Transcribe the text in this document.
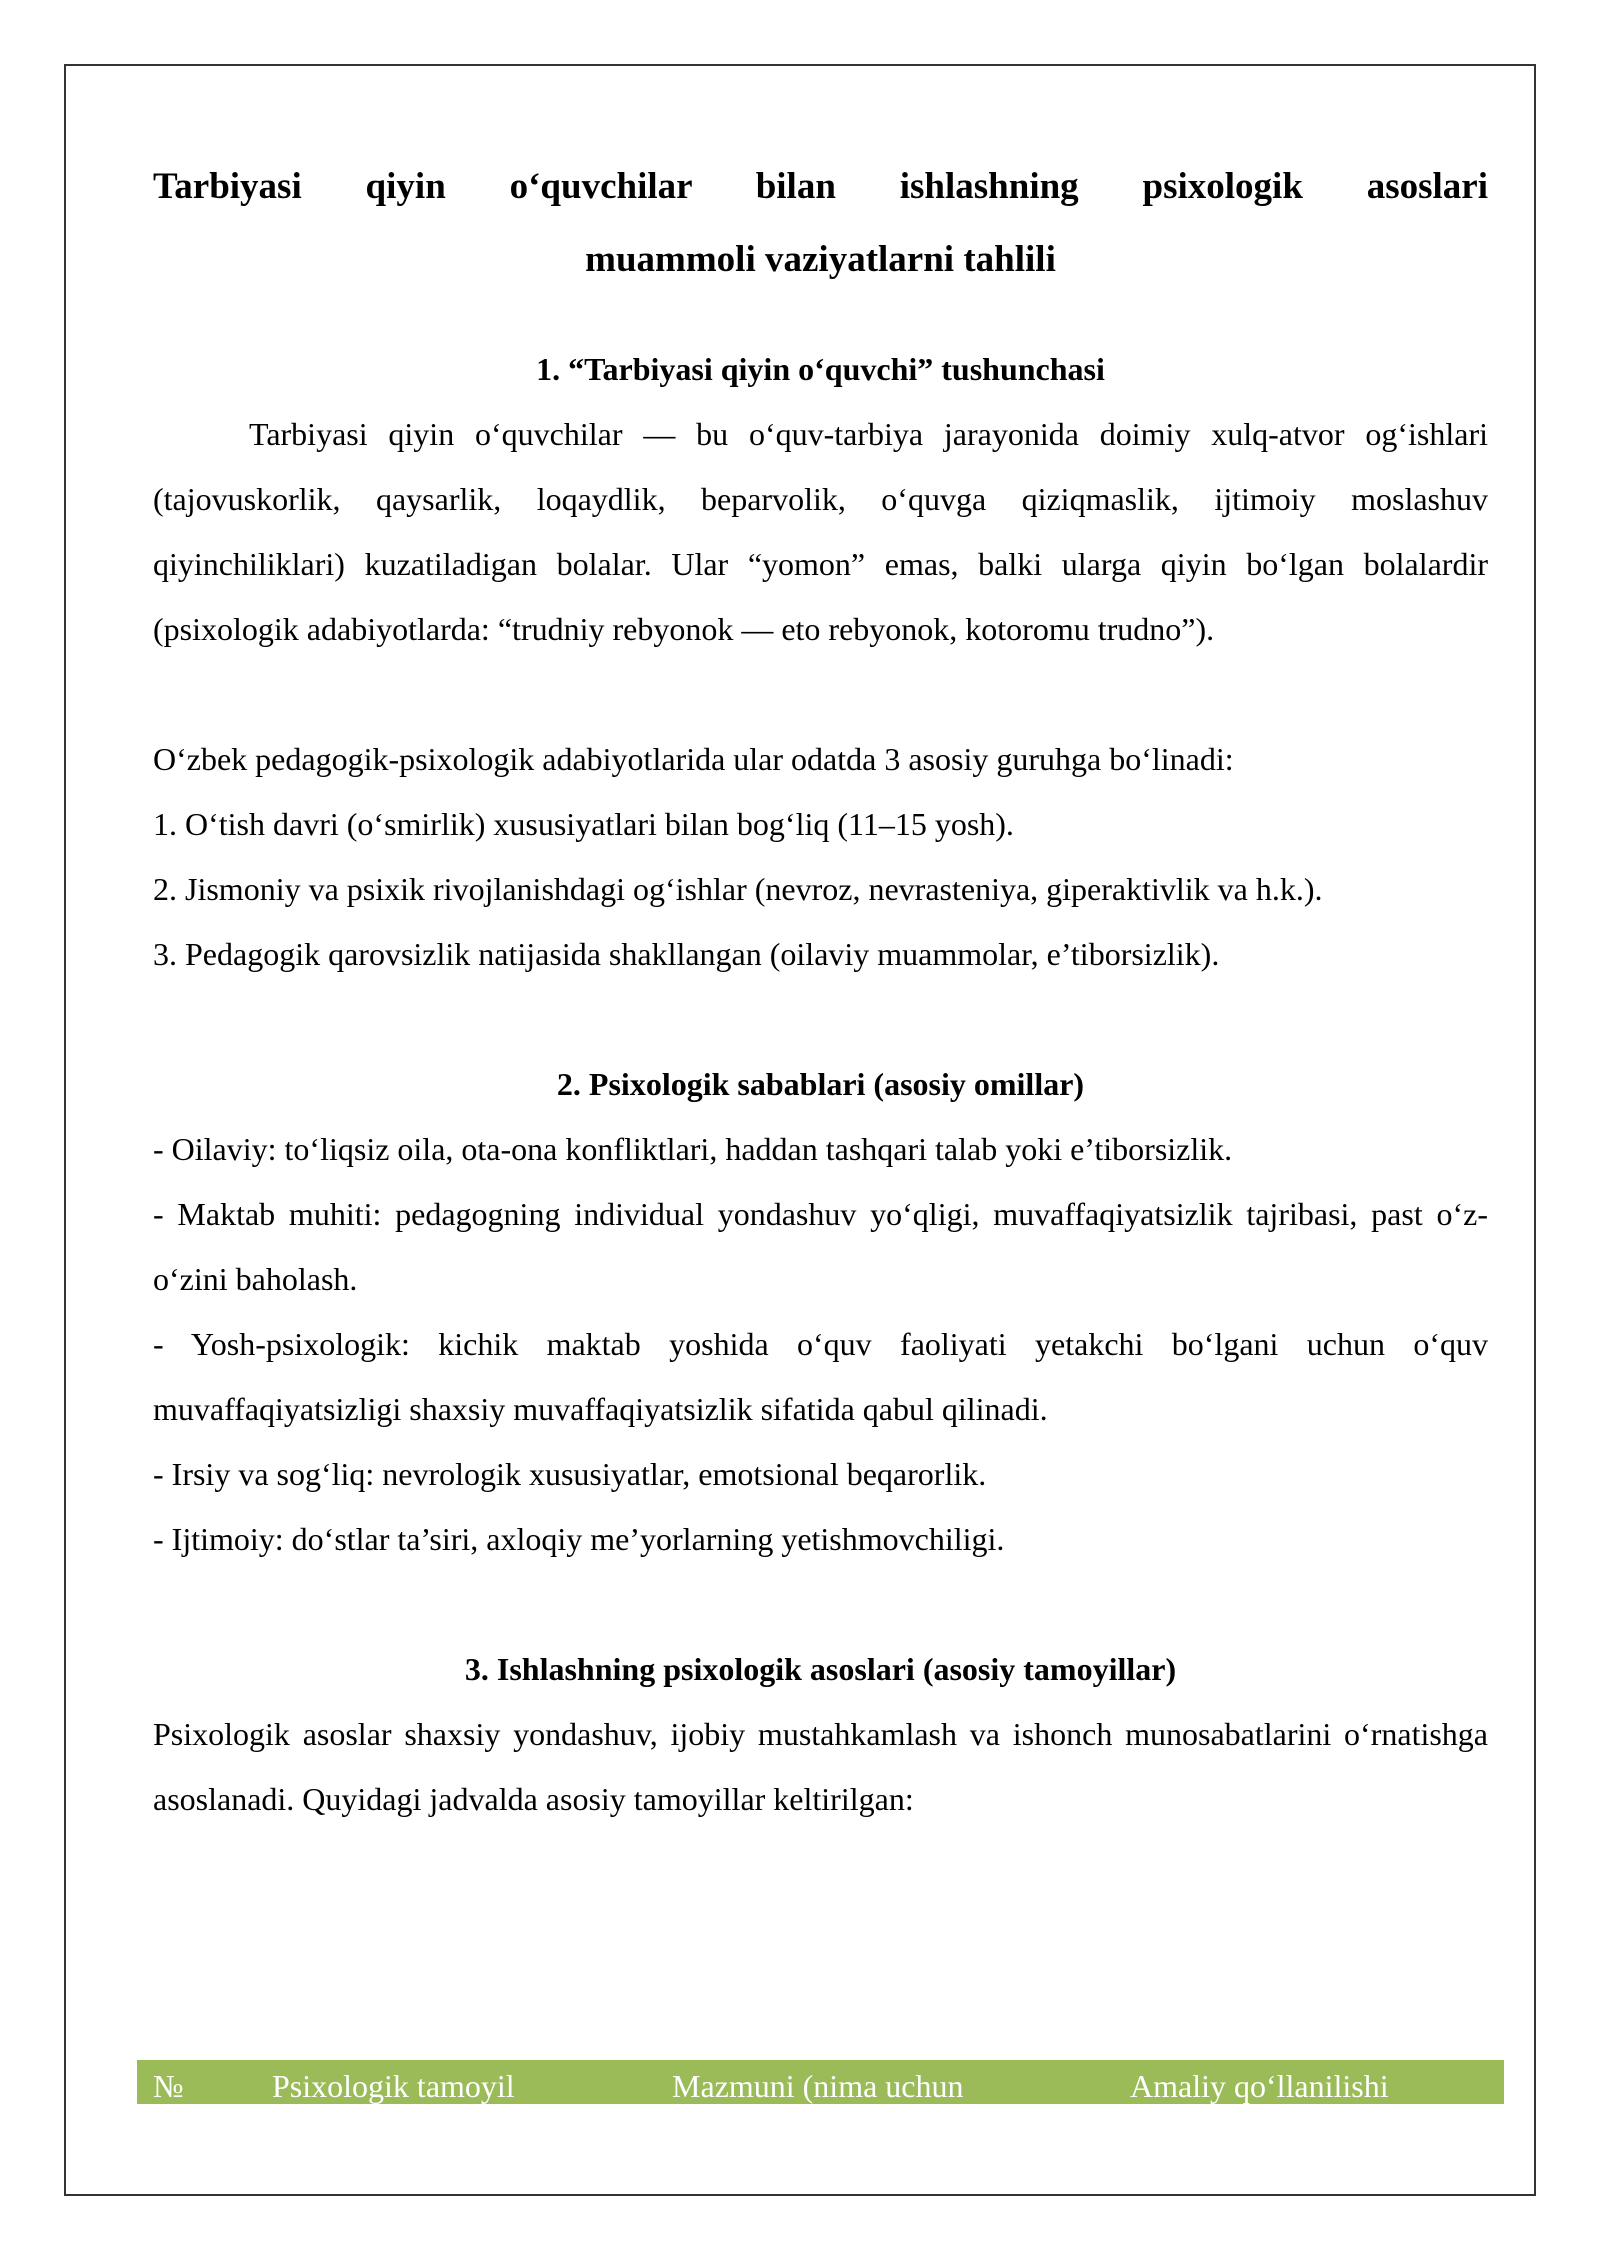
Tarbiyasi qiyin o‘quvchilar bilan ishlashning psixologik asoslari
muammoli vaziyatlarni tahlili
1. “Tarbiyasi qiyin o‘quvchi” tushunchasi

Tarbiyasi qiyin o‘quvchilar — bu o‘quv-tarbiya jarayonida doimiy xulq-atvor og‘ishlari (tajovuskorlik, qaysarlik, loqaydlik, beparvolik, o‘quvga qiziqmaslik, ijtimoiy moslashuv qiyinchiliklari) kuzatiladigan bolalar. Ular “yomon” emas, balki ularga qiyin bo‘lgan bolalardir (psixologik adabiyotlarda: “trudniy rebyonok — eto rebyonok, kotoromu trudno”).

O‘zbek pedagogik-psixologik adabiyotlarida ular odatda 3 asosiy guruhga bo‘linadi:

1. O‘tish davri (o‘smirlik) xususiyatlari bilan bog‘liq (11–15 yosh).

2. Jismoniy va psixik rivojlanishdagi og‘ishlar (nevroz, nevrasteniya, giperaktivlik va h.k.).

3. Pedagogik qarovsizlik natijasida shakllangan (oilaviy muammolar, e’tiborsizlik).

2. Psixologik sabablari (asosiy omillar)

- Oilaviy: to‘liqsiz oila, ota-ona konfliktlari, haddan tashqari talab yoki e’tiborsizlik.

- Maktab muhiti: pedagogning individual yondashuv yo‘qligi, muvaffaqiyatsizlik tajribasi, past o‘z-o‘zini baholash.

- Yosh-psixologik: kichik maktab yoshida o‘quv faoliyati yetakchi bo‘lgani uchun o‘quv muvaffaqiyatsizligi shaxsiy muvaffaqiyatsizlik sifatida qabul qilinadi.

- Irsiy va sog‘liq: nevrologik xususiyatlar, emotsional beqarorlik.

- Ijtimoiy: do‘stlar ta’siri, axloqiy me’yorlarning yetishmovchiligi.

3. Ishlashning psixologik asoslari (asosiy tamoyillar)

Psixologik asoslar shaxsiy yondashuv, ijobiy mustahkamlash va ishonch munosabatlarini o‘rnatishga asoslanadi. Quyidagi jadvalda asosiy tamoyillar keltirilgan:

№	Psixologik tamoyil	Mazmuni (nima uchun	Amaliy qo‘llanilishi
